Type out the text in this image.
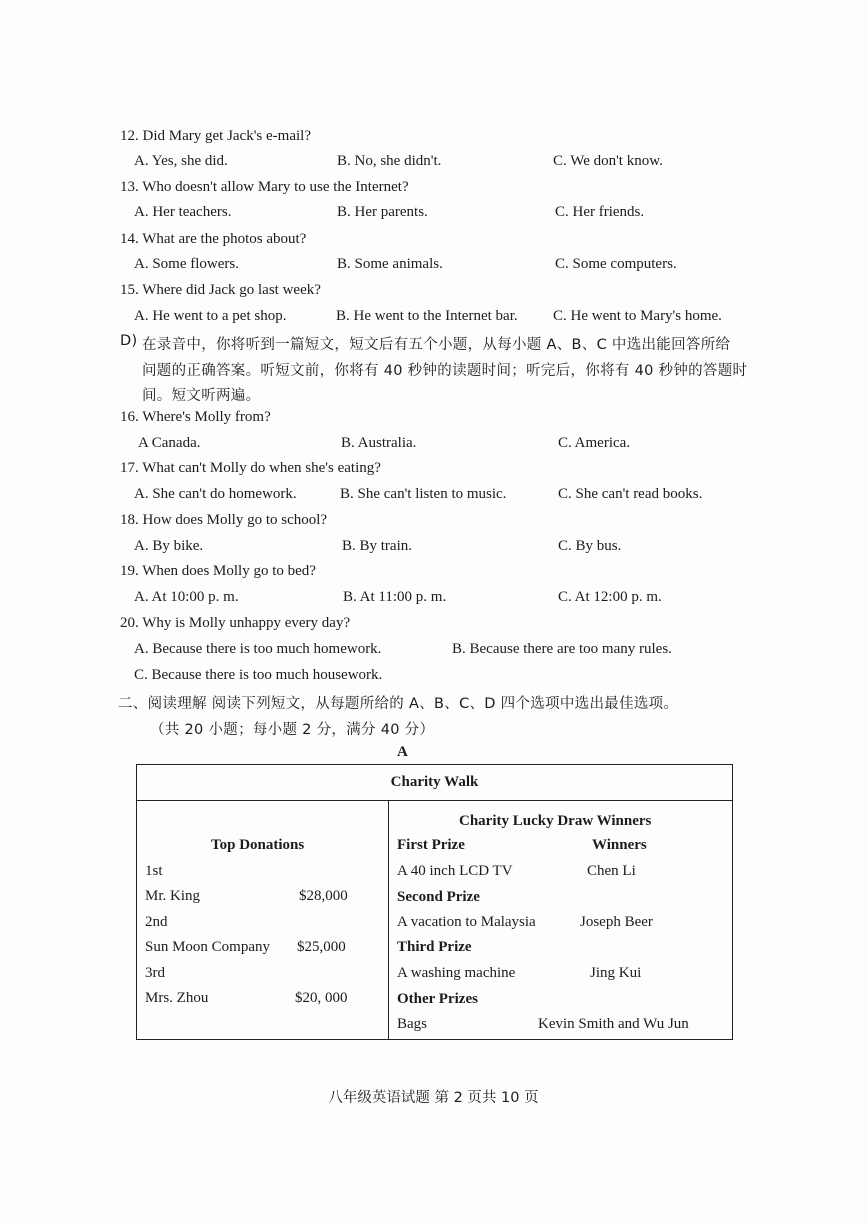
12. Did Mary get Jack's e-mail?
A. Yes, she did.	B. No, she didn't.	C. We don't know.
13. Who doesn't allow Mary to use the Internet?
A. Her teachers.	B. Her parents.	C. Her friends.
14. What are the photos about?
A. Some flowers.	B. Some animals.	C. Some computers.
15. Where did Jack go last week?
A. He went to a pet shop.	B. He went to the Internet bar. C. He went to Mary's home.
D) 在录音中，你将听到一篇短文，短文后有五个小题，从每小题 A、B、C 中选出能回答所给
问题的正确答案。听短文前，你将有 40 秒钟的读题时间；听完后，你将有 40 秒钟的答题时
间。短文听两遍。
16. Where's Molly from?
A Canada.	B. Australia.	C. America.
17. What can't Molly do when she's eating?
A. She can't do homework.	B. She can't listen to music.	C. She can't read books.
18. How does Molly go to school?
A. By bike.	B. By train.	C. By bus.
19. When does Molly go to bed?
A. At 10:00 p. m.	B. At 11:00 p. m.	C. At 12:00 p. m.
20. Why is Molly unhappy every day?
A. Because there is too much homework.	B. Because there are too many rules.
C. Because there is too much housework.
二、阅读理解 阅读下列短文，从每题所给的 A、B、C、D 四个选项中选出最佳选项。
（共 20 小题；每小题 2 分，满分 40 分）
A
Charity Walk
Top Donations
1st
Mr. King	$28,000
2nd
Sun Moon Company $25,000
3rd
Mrs. Zhou	$20, 000
Charity Lucky Draw Winners
First Prize	Winners
A 40 inch LCD TV	Chen Li
Second Prize
A vacation to Malaysia	Joseph Beer
Third Prize
A washing machine	Jing Kui
Other Prizes
Bags	Kevin Smith and Wu Jun
八年级英语试题 第 2 页共 10 页
